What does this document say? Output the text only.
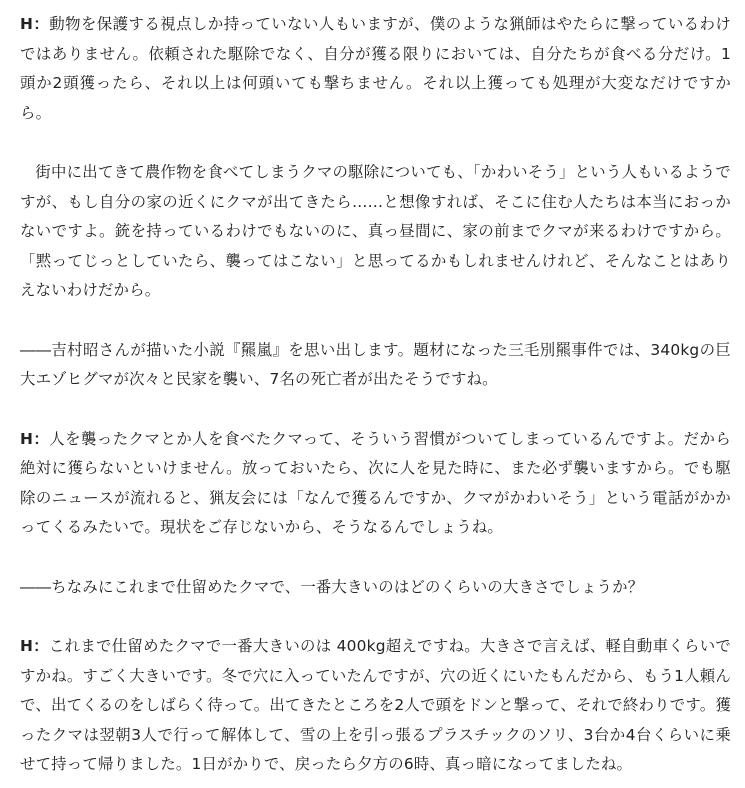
H：動物を保護する視点しか持っていない人もいますが、僕のような猟師はやたらに撃っているわけではありません。依頼された駆除でなく、自分が獲る限りにおいては、自分たちが食べる分だけ。1頭か2頭獲ったら、それ以上は何頭いても撃ちません。それ以上獲っても処理が大変なだけですから。

街中に出てきて農作物を食べてしまうクマの駆除についても、「かわいそう」という人もいるようですが、もし自分の家の近くにクマが出てきたら……と想像すれば、そこに住む人たちは本当におっかないですよ。銃を持っているわけでもないのに、真っ昼間に、家の前までクマが来るわけですから。「黙ってじっとしていたら、襲ってはこない」と思ってるかもしれませんけれど、そんなことはありえないわけだから。

――吉村昭さんが描いた小説『羆嵐』を思い出します。題材になった三毛別羆事件では、340kgの巨大エゾヒグマが次々と民家を襲い、7名の死亡者が出たそうですね。

H：人を襲ったクマとか人を食べたクマって、そういう習慣がついてしまっているんですよ。だから絶対に獲らないといけません。放っておいたら、次に人を見た時に、また必ず襲いますから。でも駆除のニュースが流れると、猟友会には「なんで獲るんですか、クマがかわいそう」という電話がかかってくるみたいで。現状をご存じないから、そうなるんでしょうね。

――ちなみにこれまで仕留めたクマで、一番大きいのはどのくらいの大きさでしょうか？

H：これまで仕留めたクマで一番大きいのは 400kg超えですね。大きさで言えば、軽自動車くらいですかね。すごく大きいです。冬で穴に入っていたんですが、穴の近くにいたもんだから、もう1人頼んで、出てくるのをしばらく待って。出てきたところを2人で頭をドンと撃って、それで終わりです。獲ったクマは翌朝3人で行って解体して、雪の上を引っ張るプラスチックのソリ、3台か4台くらいに乗せて持って帰りました。1日がかりで、戻ったら夕方の6時、真っ暗になってましたね。
